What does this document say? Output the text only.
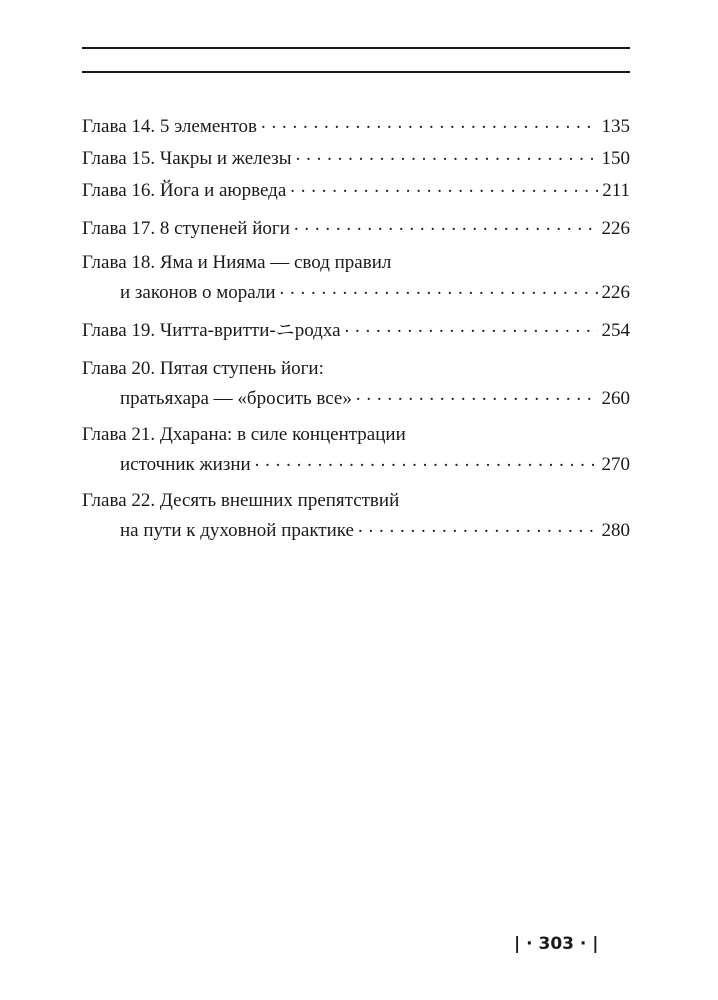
Глава 14. 5 элементов . . .	135
Глава 15. Чакры и железы . . .	150
Глава 16. Йога и аюрведа . . .	211
Глава 17. 8 ступеней йоги . . .	226
Глава 18. Яма и Нияма — свод правил
и законов о морали . . .	226
Глава 19. Читта-вритти-ニродха . . .	254
Глава 20. Пятая ступень йоги:
пратьяхара — «бросить все» . . .	260
Глава 21. Дхарана: в силе концентрации
источник жизни . . .	270
Глава 22. Десять внешних препятствий
на пути к духовной практике . . .	280
| · 303 · |
